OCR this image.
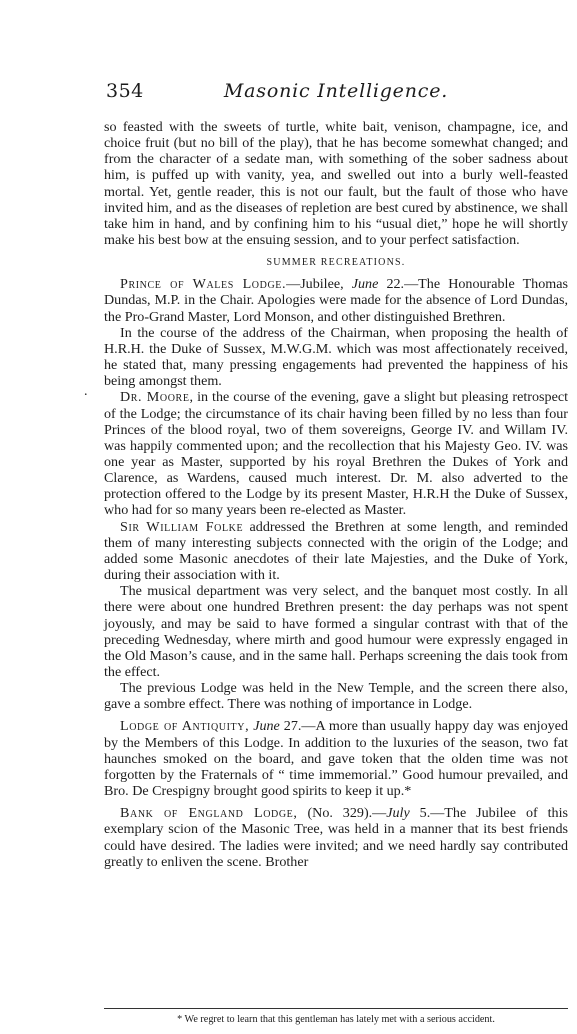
354	Masonic Intelligence.
.

so feasted with the sweets of turtle, white bait, venison, champagne, ice, and choice fruit (but no bill of the play), that he has become somewhat changed; and from the character of a sedate man, with something of the sober sadness about him, is puffed up with vanity, yea, and swelled out into a burly well-feasted mortal. Yet, gentle reader, this is not our fault, but the fault of those who have invited him, and as the diseases of repletion are best cured by abstinence, we shall take him in hand, and by confining him to his “usual diet,” hope he will shortly make his best bow at the ensuing session, and to your perfect satisfaction.

SUMMER RECREATIONS.

Prince of Wales Lodge.—Jubilee, June 22.—The Honourable Thomas Dundas, M.P. in the Chair. Apologies were made for the absence of Lord Dundas, the Pro-Grand Master, Lord Monson, and other distinguished Brethren.

In the course of the address of the Chairman, when proposing the health of H.R.H. the Duke of Sussex, M.W.G.M. which was most affectionately received, he stated that, many pressing engagements had prevented the happiness of his being amongst them.

Dr. Moore, in the course of the evening, gave a slight but pleasing retrospect of the Lodge; the circumstance of its chair having been filled by no less than four Princes of the blood royal, two of them sovereigns, George IV. and Willam IV. was happily commented upon; and the recollection that his Majesty Geo. IV. was one year as Master, supported by his royal Brethren the Dukes of York and Clarence, as Wardens, caused much interest. Dr. M. also adverted to the protection offered to the Lodge by its present Master, H.R.H the Duke of Sussex, who had for so many years been re-elected as Master.

Sir William Folke addressed the Brethren at some length, and reminded them of many interesting subjects connected with the origin of the Lodge; and added some Masonic anecdotes of their late Majesties, and the Duke of York, during their association with it.

The musical department was very select, and the banquet most costly. In all there were about one hundred Brethren present: the day perhaps was not spent joyously, and may be said to have formed a singular contrast with that of the preceding Wednesday, where mirth and good humour were expressly engaged in the Old Mason’s cause, and in the same hall. Perhaps screening the dais took from the effect.

The previous Lodge was held in the New Temple, and the screen there also, gave a sombre effect. There was nothing of importance in Lodge.

Lodge of Antiquity, June 27.—A more than usually happy day was enjoyed by the Members of this Lodge. In addition to the luxuries of the season, two fat haunches smoked on the board, and gave token that the olden time was not forgotten by the Fraternals of “ time immemorial.” Good humour prevailed, and Bro. De Crespigny brought good spirits to keep it up.*

Bank of England Lodge, (No. 329).—July 5.—The Jubilee of this exemplary scion of the Masonic Tree, was held in a manner that its best friends could have desired. The ladies were invited; and we need hardly say contributed greatly to enliven the scene. Brother

* We regret to learn that this gentleman has lately met with a serious accident.
